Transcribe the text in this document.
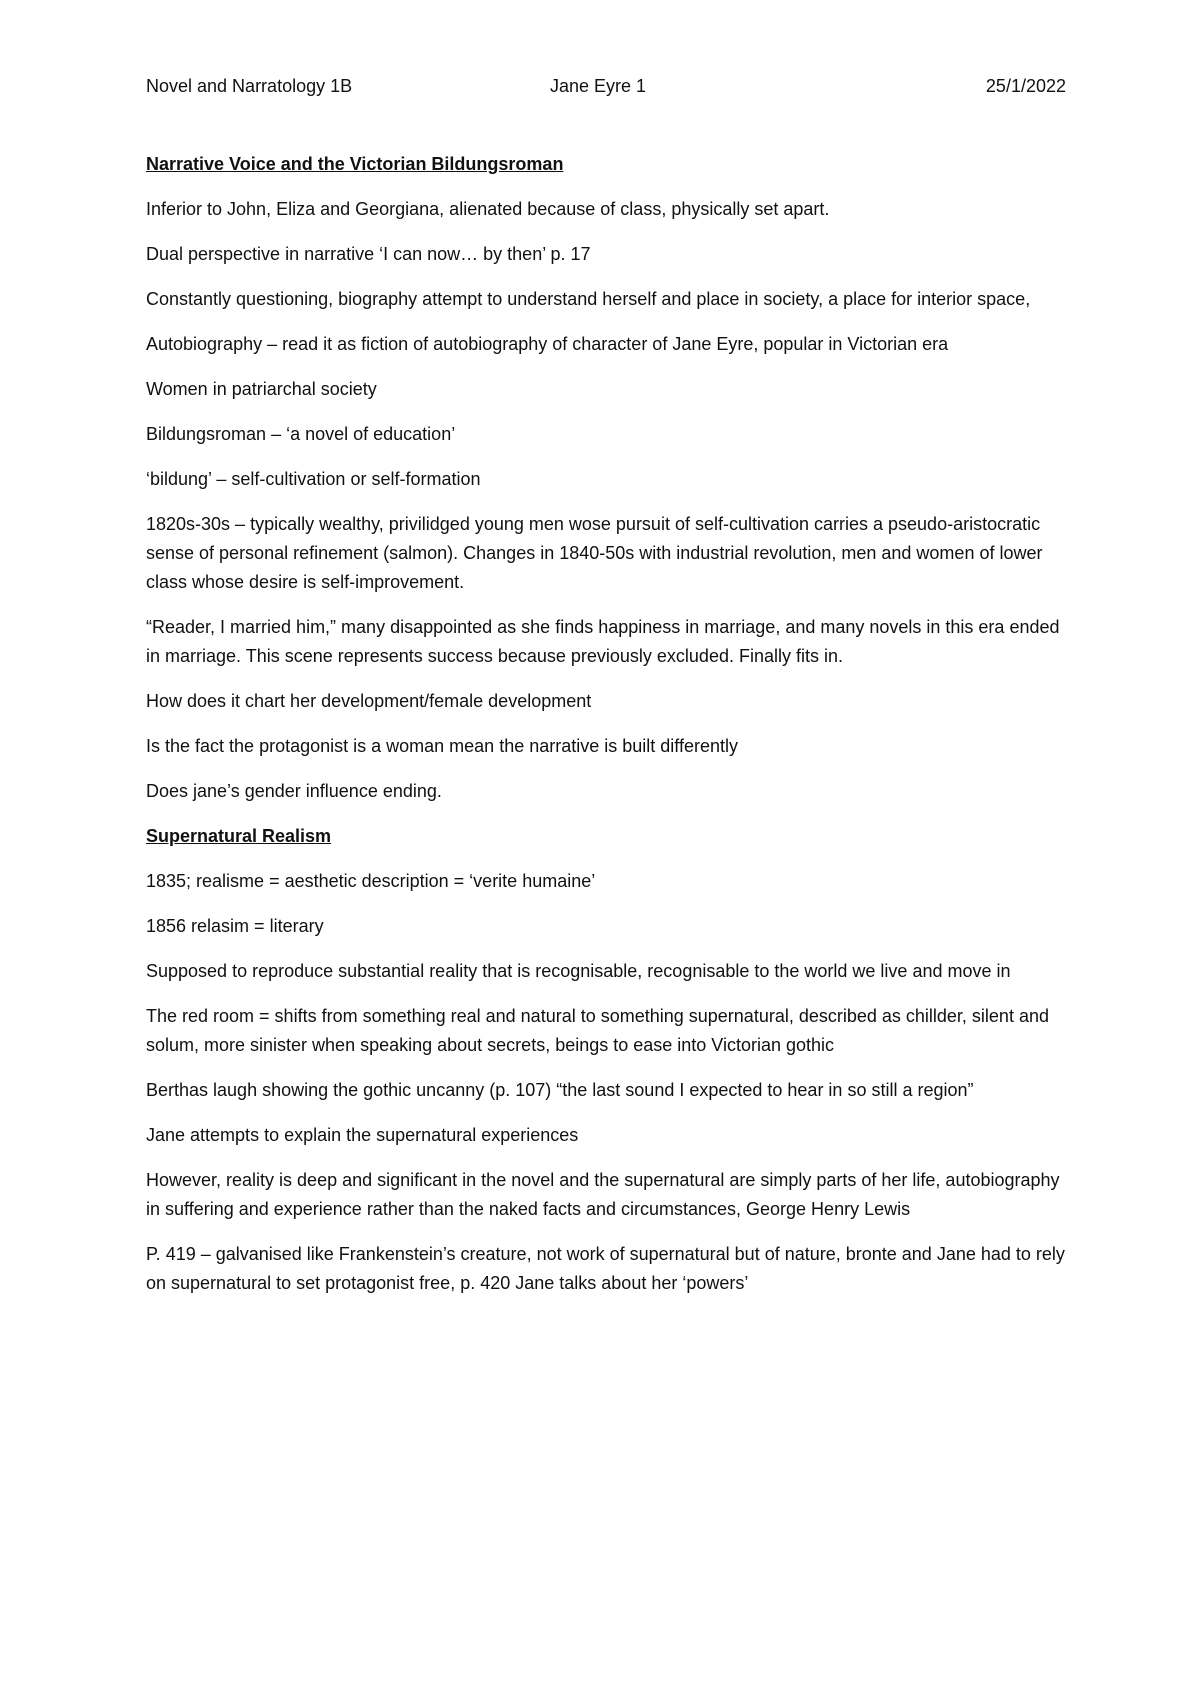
Novel and Narratology 1B	Jane Eyre 1	25/1/2022
Narrative Voice and the Victorian Bildungsroman

Inferior to John, Eliza and Georgiana, alienated because of class, physically set apart.

Dual perspective in narrative ‘I can now… by then’ p. 17

Constantly questioning, biography attempt to understand herself and place in society, a place for interior space,

Autobiography – read it as fiction of autobiography of character of Jane Eyre, popular in Victorian era

Women in patriarchal society

Bildungsroman – ‘a novel of education’

‘bildung’ – self-cultivation or self-formation

1820s-30s – typically wealthy, privilidged young men wose pursuit of self-cultivation carries a pseudo-aristocratic sense of personal refinement (salmon). Changes in 1840-50s with industrial revolution, men and women of lower class whose desire is self-improvement.

“Reader, I married him,” many disappointed as she finds happiness in marriage, and many novels in this era ended in marriage. This scene represents success because previously excluded. Finally fits in.

How does it chart her development/female development

Is the fact the protagonist is a woman mean the narrative is built differently

Does jane’s gender influence ending.

Supernatural Realism

1835; realisme = aesthetic description = ‘verite humaine’

1856 relasim = literary

Supposed to reproduce substantial reality that is recognisable, recognisable to the world we live and move in

The red room = shifts from something real and natural to something supernatural, described as chillder, silent and solum, more sinister when speaking about secrets, beings to ease into Victorian gothic

Berthas laugh showing the gothic uncanny (p. 107) “the last sound I expected to hear in so still a region”

Jane attempts to explain the supernatural experiences

However, reality is deep and significant in the novel and the supernatural are simply parts of her life, autobiography in suffering and experience rather than the naked facts and circumstances, George Henry Lewis

P. 419 – galvanised like Frankenstein’s creature, not work of supernatural but of nature, bronte and Jane had to rely on supernatural to set protagonist free, p. 420 Jane talks about her ‘powers’
